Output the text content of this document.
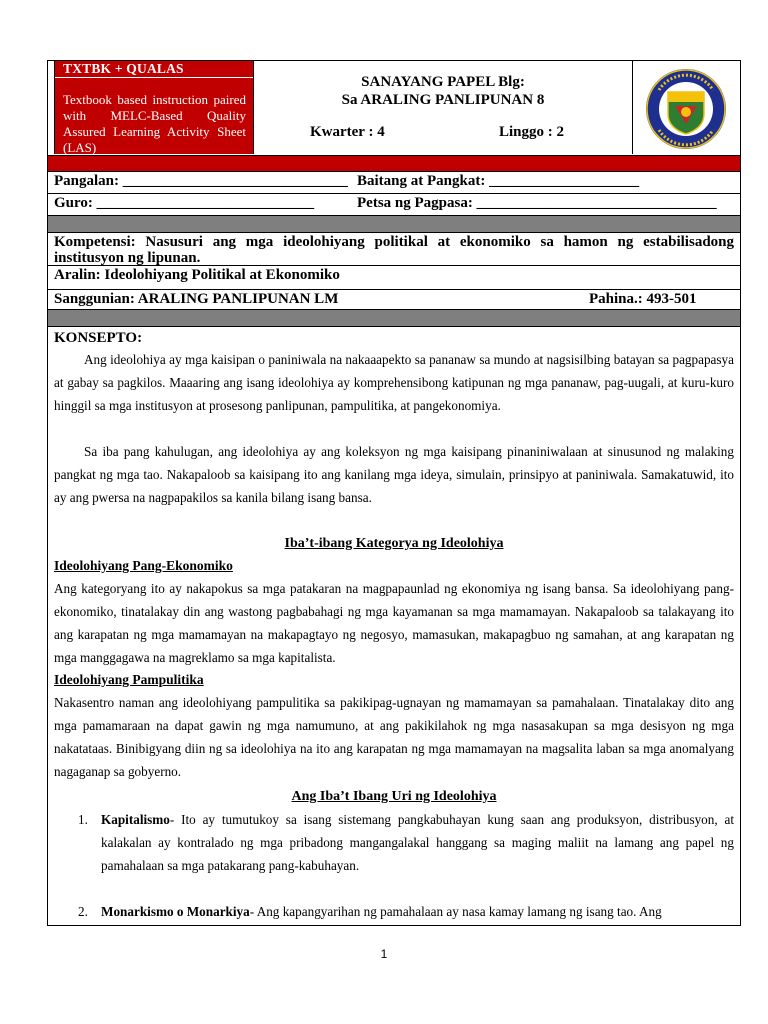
TXTBK + QUALAS
Textbook based instruction paired with MELC-Based Quality Assured Learning Activity Sheet (LAS)
SANAYANG PAPEL Blg:
Sa ARALING PANLIPUNAN 8
Kwarter : 4	Linggo : 2
Pangalan: ______________________________ Baitang at Pangkat: ____________________
Guro: _____________________________	Petsa ng Pagpasa: ________________________________
Kompetensi: Nasusuri ang mga ideolohiyang politikal at ekonomiko sa hamon ng estabilisadong institusyon ng lipunan.
Aralin: Ideolohiyang Politikal at Ekonomiko
Sanggunian: ARALING PANLIPUNAN LM	Pahina.: 493-501
KONSEPTO:

Ang ideolohiya ay mga kaisipan o paniniwala na nakaaapekto sa pananaw sa mundo at nagsisilbing batayan sa pagpapasya at gabay sa pagkilos. Maaaring ang isang ideolohiya ay komprehensibong katipunan ng mga pananaw, pag-uugali, at kuru-kuro hinggil sa mga institusyon at prosesong panlipunan, pampulitika, at pangekonomiya.

Sa iba pang kahulugan, ang ideolohiya ay ang koleksyon ng mga kaisipang pinaniniwalaan at sinusunod ng malaking pangkat ng mga tao. Nakapaloob sa kaisipang ito ang kanilang mga ideya, simulain, prinsipyo at paniniwala. Samakatuwid, ito ay ang pwersa na nagpapakilos sa kanila bilang isang bansa.

Iba’t-ibang Kategorya ng Ideolohiya

Ideolohiyang Pang-Ekonomiko

Ang kategoryang ito ay nakapokus sa mga patakaran na magpapaunlad ng ekonomiya ng isang bansa. Sa ideolohiyang pang-ekonomiko, tinatalakay din ang wastong pagbabahagi ng mga kayamanan sa mga mamamayan. Nakapaloob sa talakayang ito ang karapatan ng mga mamamayan na makapagtayo ng negosyo, mamasukan, makapagbuo ng samahan, at ang karapatan ng mga manggagawa na magreklamo sa mga kapitalista.

Ideolohiyang Pampulitika

Nakasentro naman ang ideolohiyang pampulitika sa pakikipag-ugnayan ng mamamayan sa pamahalaan. Tinatalakay dito ang mga pamamaraan na dapat gawin ng mga namumuno, at ang pakikilahok ng mga nasasakupan sa mga desisyon ng mga nakatataas. Binibigyang diin ng sa ideolohiya na ito ang karapatan ng mga mamamayan na magsalita laban sa mga anomalyang nagaganap sa gobyerno.

Ang Iba’t Ibang Uri ng Ideolohiya

1. Kapitalismo- Ito ay tumutukoy sa isang sistemang pangkabuhayan kung saan ang produksyon, distribusyon, at kalakalan ay kontralado ng mga pribadong mangangalakal hanggang sa maging maliit na lamang ang papel ng pamahalaan sa mga patakarang pang-kabuhayan.
2. Monarkismo o Monarkiya- Ang kapangyarihan ng pamahalaan ay nasa kamay lamang ng isang tao. Ang
1
